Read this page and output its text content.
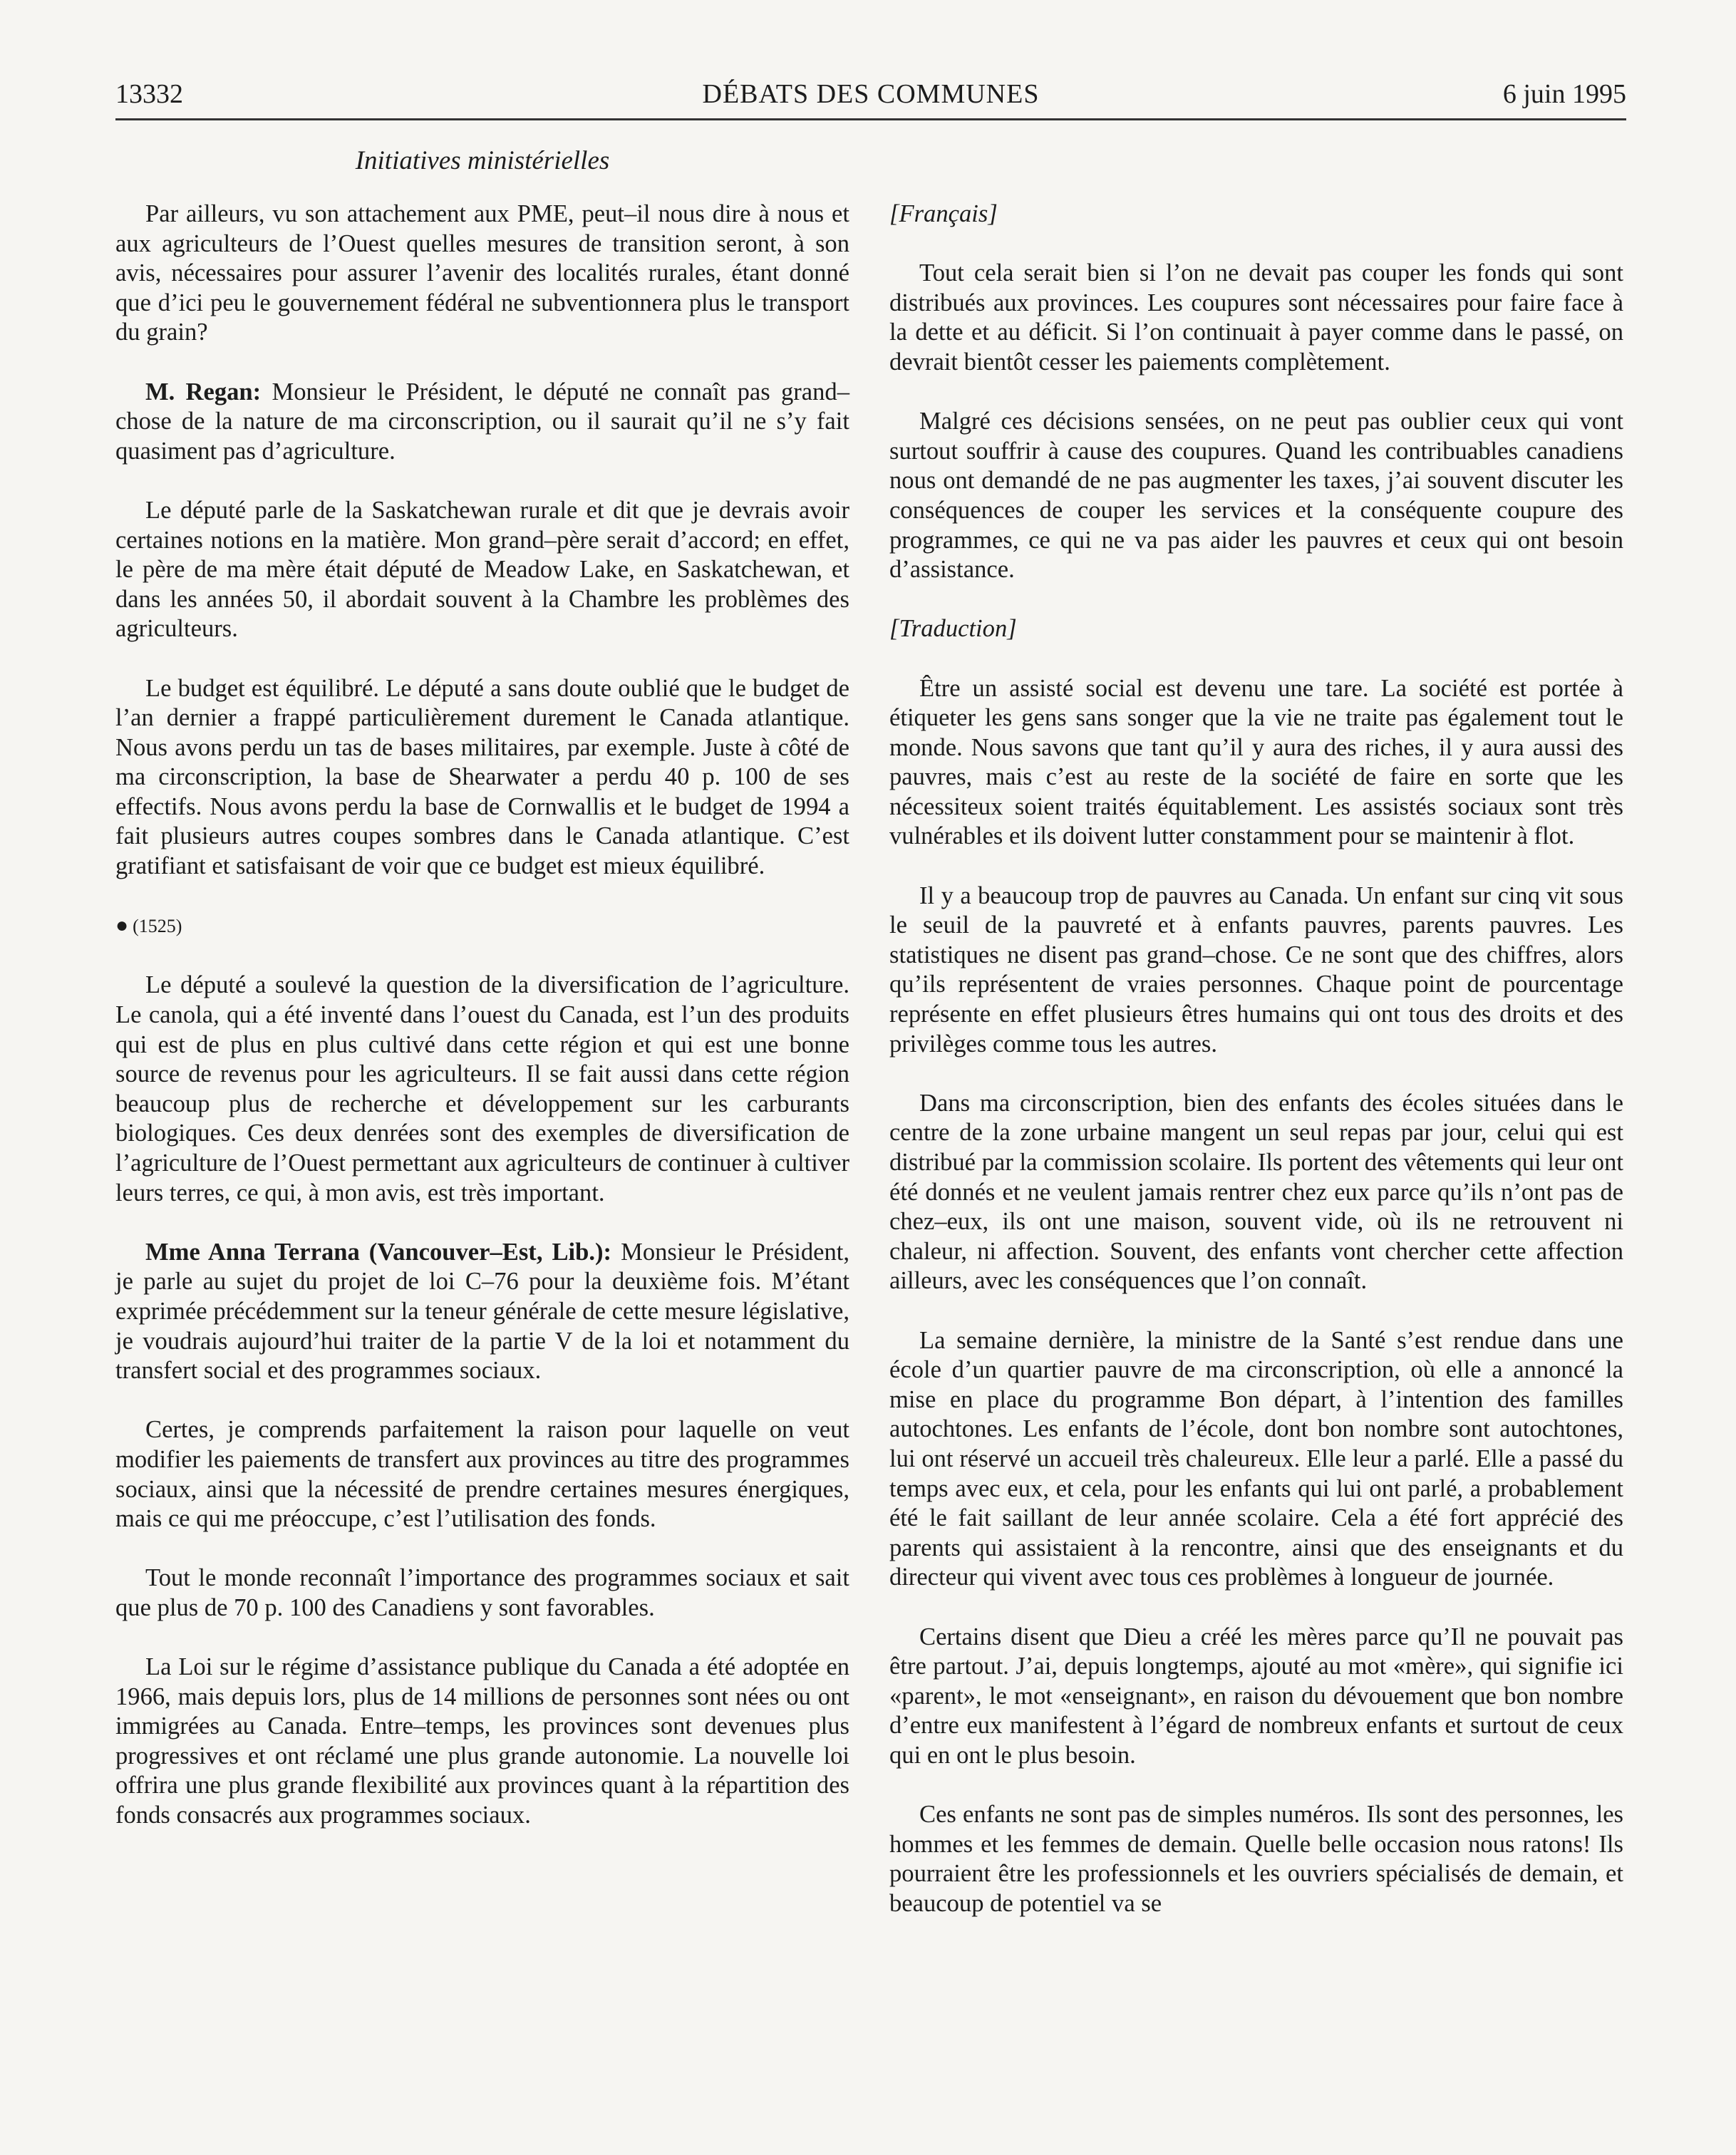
13332	DÉBATS DES COMMUNES	6 juin 1995
Initiatives ministérielles

Par ailleurs, vu son attachement aux PME, peut–il nous dire à nous et aux agriculteurs de l’Ouest quelles mesures de transition seront, à son avis, nécessaires pour assurer l’avenir des localités rurales, étant donné que d’ici peu le gouvernement fédéral ne subventionnera plus le transport du grain?

M. Regan: Monsieur le Président, le député ne connaît pas grand–chose de la nature de ma circonscription, ou il saurait qu’il ne s’y fait quasiment pas d’agriculture.

Le député parle de la Saskatchewan rurale et dit que je devrais avoir certaines notions en la matière. Mon grand–père serait d’accord; en effet, le père de ma mère était député de Meadow Lake, en Saskatchewan, et dans les années 50, il abordait souvent à la Chambre les problèmes des agriculteurs.

Le budget est équilibré. Le député a sans doute oublié que le budget de l’an dernier a frappé particulièrement durement le Canada atlantique. Nous avons perdu un tas de bases militaires, par exemple. Juste à côté de ma circonscription, la base de Shearwater a perdu 40 p. 100 de ses effectifs. Nous avons perdu la base de Cornwallis et le budget de 1994 a fait plusieurs autres coupes sombres dans le Canada atlantique. C’est gratifiant et satisfaisant de voir que ce budget est mieux équilibré.

● (1525)

Le député a soulevé la question de la diversification de l’agriculture. Le canola, qui a été inventé dans l’ouest du Canada, est l’un des produits qui est de plus en plus cultivé dans cette région et qui est une bonne source de revenus pour les agriculteurs. Il se fait aussi dans cette région beaucoup plus de recherche et développement sur les carburants biologiques. Ces deux denrées sont des exemples de diversification de l’agriculture de l’Ouest permettant aux agriculteurs de continuer à cultiver leurs terres, ce qui, à mon avis, est très important.

Mme Anna Terrana (Vancouver–Est, Lib.): Monsieur le Président, je parle au sujet du projet de loi C–76 pour la deuxième fois. M’étant exprimée précédemment sur la teneur générale de cette mesure législative, je voudrais aujourd’hui traiter de la partie V de la loi et notamment du transfert social et des programmes sociaux.

Certes, je comprends parfaitement la raison pour laquelle on veut modifier les paiements de transfert aux provinces au titre des programmes sociaux, ainsi que la nécessité de prendre certaines mesures énergiques, mais ce qui me préoccupe, c’est l’utilisation des fonds.

Tout le monde reconnaît l’importance des programmes sociaux et sait que plus de 70 p. 100 des Canadiens y sont favorables.

La Loi sur le régime d’assistance publique du Canada a été adoptée en 1966, mais depuis lors, plus de 14 millions de personnes sont nées ou ont immigrées au Canada. Entre–temps, les provinces sont devenues plus progressives et ont réclamé une plus grande autonomie. La nouvelle loi offrira une plus grande flexibilité aux provinces quant à la répartition des fonds consacrés aux programmes sociaux.

[Français]

Tout cela serait bien si l’on ne devait pas couper les fonds qui sont distribués aux provinces. Les coupures sont nécessaires pour faire face à la dette et au déficit. Si l’on continuait à payer comme dans le passé, on devrait bientôt cesser les paiements complètement.

Malgré ces décisions sensées, on ne peut pas oublier ceux qui vont surtout souffrir à cause des coupures. Quand les contribuables canadiens nous ont demandé de ne pas augmenter les taxes, j’ai souvent discuter les conséquences de couper les services et la conséquente coupure des programmes, ce qui ne va pas aider les pauvres et ceux qui ont besoin d’assistance.

[Traduction]

Être un assisté social est devenu une tare. La société est portée à étiqueter les gens sans songer que la vie ne traite pas également tout le monde. Nous savons que tant qu’il y aura des riches, il y aura aussi des pauvres, mais c’est au reste de la société de faire en sorte que les nécessiteux soient traités équitablement. Les assistés sociaux sont très vulnérables et ils doivent lutter constamment pour se maintenir à flot.

Il y a beaucoup trop de pauvres au Canada. Un enfant sur cinq vit sous le seuil de la pauvreté et à enfants pauvres, parents pauvres. Les statistiques ne disent pas grand–chose. Ce ne sont que des chiffres, alors qu’ils représentent de vraies personnes. Chaque point de pourcentage représente en effet plusieurs êtres humains qui ont tous des droits et des privilèges comme tous les autres.

Dans ma circonscription, bien des enfants des écoles situées dans le centre de la zone urbaine mangent un seul repas par jour, celui qui est distribué par la commission scolaire. Ils portent des vêtements qui leur ont été donnés et ne veulent jamais rentrer chez eux parce qu’ils n’ont pas de chez–eux, ils ont une maison, souvent vide, où ils ne retrouvent ni chaleur, ni affection. Souvent, des enfants vont chercher cette affection ailleurs, avec les conséquences que l’on connaît.

La semaine dernière, la ministre de la Santé s’est rendue dans une école d’un quartier pauvre de ma circonscription, où elle a annoncé la mise en place du programme Bon départ, à l’intention des familles autochtones. Les enfants de l’école, dont bon nombre sont autochtones, lui ont réservé un accueil très chaleureux. Elle leur a parlé. Elle a passé du temps avec eux, et cela, pour les enfants qui lui ont parlé, a probablement été le fait saillant de leur année scolaire. Cela a été fort apprécié des parents qui assistaient à la rencontre, ainsi que des enseignants et du directeur qui vivent avec tous ces problèmes à longueur de journée.

Certains disent que Dieu a créé les mères parce qu’Il ne pouvait pas être partout. J’ai, depuis longtemps, ajouté au mot «mère», qui signifie ici «parent», le mot «enseignant», en raison du dévouement que bon nombre d’entre eux manifestent à l’égard de nombreux enfants et surtout de ceux qui en ont le plus besoin.

Ces enfants ne sont pas de simples numéros. Ils sont des personnes, les hommes et les femmes de demain. Quelle belle occasion nous ratons! Ils pourraient être les professionnels et les ouvriers spécialisés de demain, et beaucoup de potentiel va se
